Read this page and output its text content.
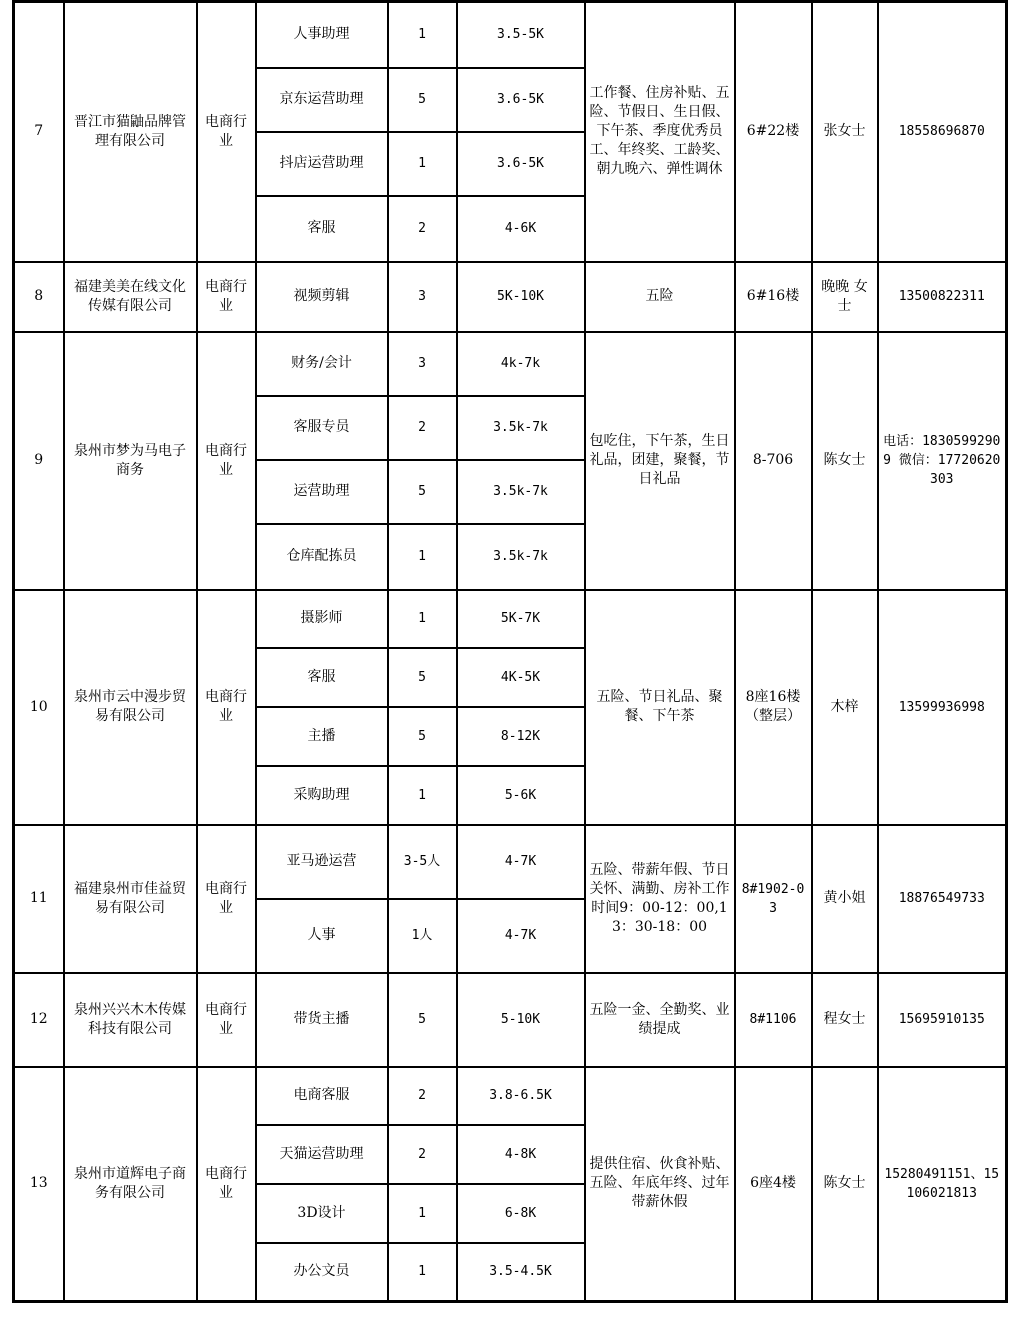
7	晋江市猫鼬品牌管理有限公司	电商行业	人事助理	1	3.5-5K	工作餐、住房补贴、五险、节假日、生日假、下午茶、季度优秀员工、年终奖、工龄奖、朝九晚六、弹性调休	6#22楼	张女士	18558696870
			京东运营助理	5	3.6-5K				
			抖店运营助理	1	3.6-5K				
			客服	2	4-6K				
8	福建美美在线文化传媒有限公司	电商行业	视频剪辑	3	5K-10K	五险	6#16楼	晚晚 女士	13500822311
9	泉州市梦为马电子商务	电商行业	财务/会计	3	4k-7k	包吃住，下午茶，生日礼品，团建，聚餐，节日礼品	8-706	陈女士	电话：18305992909 微信：17720620303
			客服专员	2	3.5k-7k				
			运营助理	5	3.5k-7k				
			仓库配拣员	1	3.5k-7k				
10	泉州市云中漫步贸易有限公司	电商行业	摄影师	1	5K-7K	五险、节日礼品、聚餐、下午茶	8座16楼（整层）	木梓	13599936998
			客服	5	4K-5K				
			主播	5	8-12K				
			采购助理	1	5-6K				
11	福建泉州市佳益贸易有限公司	电商行业	亚马逊运营	3-5人	4-7K	五险、带薪年假、节日关怀、满勤、房补工作时间9：00-12：00,13：30-18：00	8#1902-03	黄小姐	18876549733
			人事	1人	4-7K				
12	泉州兴兴木木传媒科技有限公司	电商行业	带货主播	5	5-10K	五险一金、全勤奖、业绩提成	8#1106	程女士	15695910135
13	泉州市道辉电子商务有限公司	电商行业	电商客服	2	3.8-6.5K	提供住宿、伙食补贴、五险、年底年终、过年带薪休假	6座4楼	陈女士	15280491151、15106021813
			天猫运营助理	2	4-8K				
			3D设计	1	6-8K				
			办公文员	1	3.5-4.5K				
